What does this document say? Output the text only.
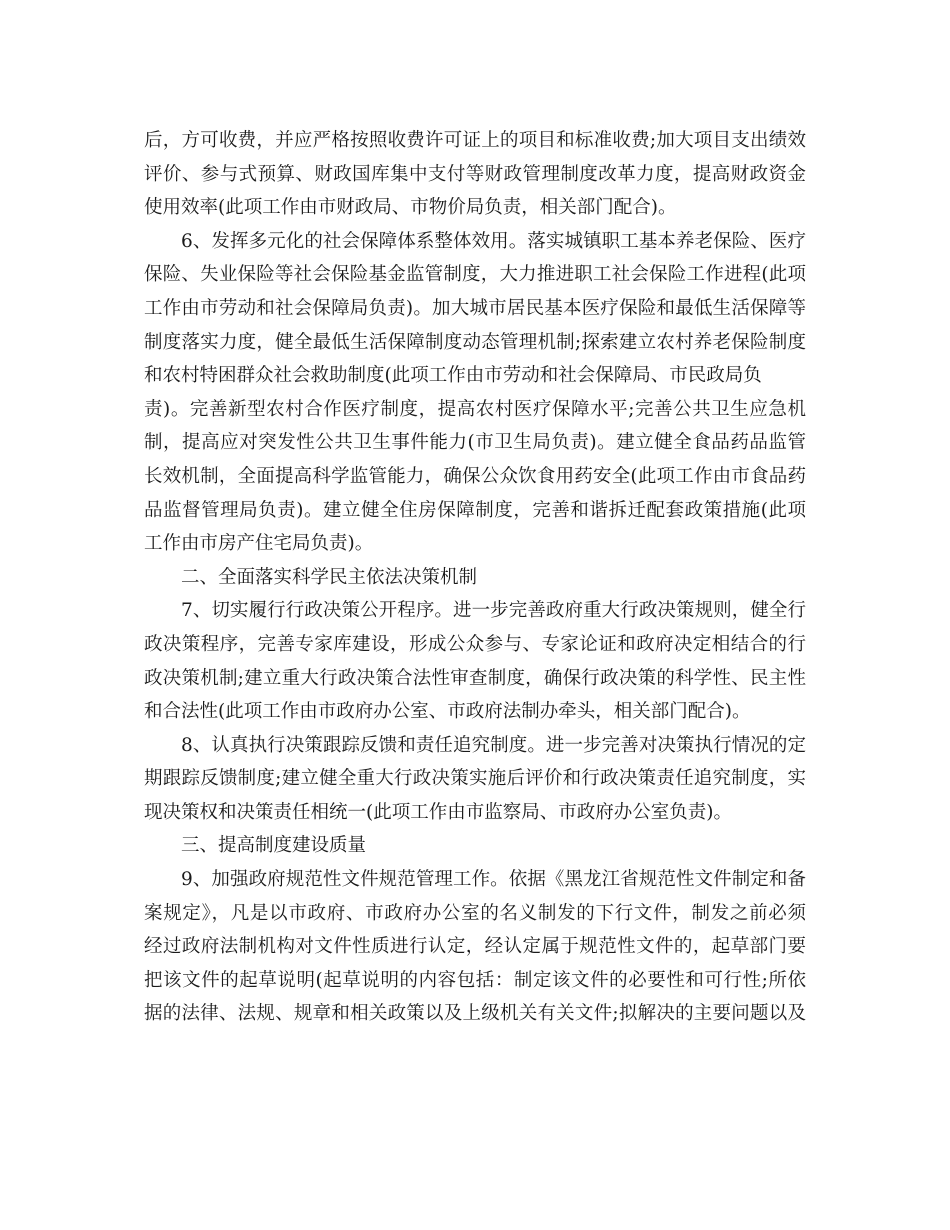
后，方可收费，并应严格按照收费许可证上的项目和标准收费;加大项目支出绩效
评价、参与式预算、财政国库集中支付等财政管理制度改革力度，提高财政资金
使用效率(此项工作由市财政局、市物价局负责，相关部门配合)。
6、发挥多元化的社会保障体系整体效用。落实城镇职工基本养老保险、医疗
保险、失业保险等社会保险基金监管制度，大力推进职工社会保险工作进程(此项
工作由市劳动和社会保障局负责)。加大城市居民基本医疗保险和最低生活保障等
制度落实力度，健全最低生活保障制度动态管理机制;探索建立农村养老保险制度
和农村特困群众社会救助制度(此项工作由市劳动和社会保障局、市民政局负
责)。完善新型农村合作医疗制度，提高农村医疗保障水平;完善公共卫生应急机
制，提高应对突发性公共卫生事件能力(市卫生局负责)。建立健全食品药品监管
长效机制，全面提高科学监管能力，确保公众饮食用药安全(此项工作由市食品药
品监督管理局负责)。建立健全住房保障制度，完善和谐拆迁配套政策措施(此项
工作由市房产住宅局负责)。
二、全面落实科学民主依法决策机制
7、切实履行行政决策公开程序。进一步完善政府重大行政决策规则，健全行
政决策程序，完善专家库建设，形成公众参与、专家论证和政府决定相结合的行
政决策机制;建立重大行政决策合法性审查制度，确保行政决策的科学性、民主性
和合法性(此项工作由市政府办公室、市政府法制办牵头，相关部门配合)。
8、认真执行决策跟踪反馈和责任追究制度。进一步完善对决策执行情况的定
期跟踪反馈制度;建立健全重大行政决策实施后评价和行政决策责任追究制度，实
现决策权和决策责任相统一(此项工作由市监察局、市政府办公室负责)。
三、提高制度建设质量
9、加强政府规范性文件规范管理工作。依据《黑龙江省规范性文件制定和备
案规定》，凡是以市政府、市政府办公室的名义制发的下行文件，制发之前必须
经过政府法制机构对文件性质进行认定，经认定属于规范性文件的，起草部门要
把该文件的起草说明(起草说明的内容包括：制定该文件的必要性和可行性;所依
据的法律、法规、规章和相关政策以及上级机关有关文件;拟解决的主要问题以及
